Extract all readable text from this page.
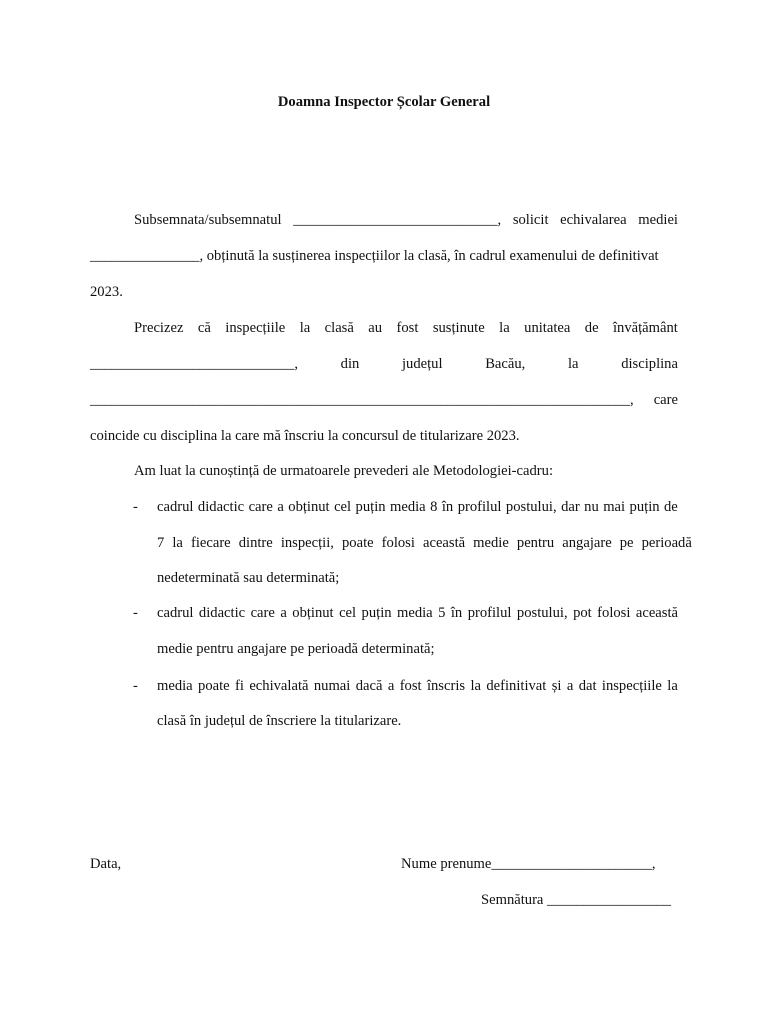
Doamna Inspector Școlar General
Subsemnata/subsemnatul ____________________________, solicit echivalarea mediei
_______________, obținută la susținerea inspecțiilor la clasă, în cadrul examenului de definitivat
2023.
Precizez că inspecțiile la clasă au fost susținute la unitatea de învățământ
____________________________,	din	județul	Bacău,	la	disciplina
__________________________________________________________________________, care
coincide cu disciplina la care mă înscriu la concursul de titularizare 2023.
Am luat la cunoștință de urmatoarele prevederi ale Metodologiei-cadru:
- cadrul didactic care a obținut cel puțin media 8 în profilul postului, dar nu mai puțin de
7 la fiecare dintre inspecții, poate folosi această medie pentru angajare pe perioadă
nedeterminată sau determinată;
- cadrul didactic care a obținut cel puțin media 5 în profilul postului, pot folosi această
medie pentru angajare pe perioadă determinată;
- media poate fi echivalată numai dacă a fost înscris la definitivat și a dat inspecțiile la
clasă în județul de înscriere la titularizare.
Data,	Nume prenume______________________,
Semnătura _________________
